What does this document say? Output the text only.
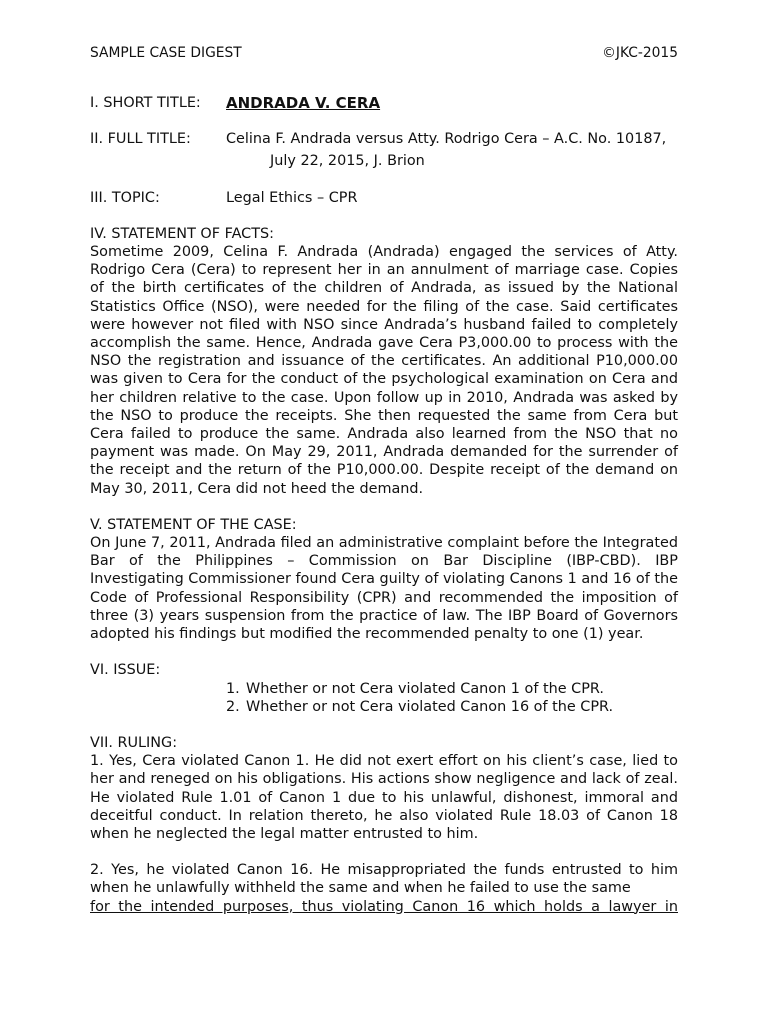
SAMPLE CASE DIGEST	©JKC-2015
I. SHORT TITLE:	ANDRADA V. CERA
II. FULL TITLE:	Celina F. Andrada versus Atty. Rodrigo Cera – A.C. No. 10187,
July 22, 2015, J. Brion
III. TOPIC:	Legal Ethics – CPR
IV. STATEMENT OF FACTS:

Sometime 2009, Celina F. Andrada (Andrada) engaged the services of Atty. Rodrigo Cera (Cera) to represent her in an annulment of marriage case. Copies of the birth certificates of the children of Andrada, as issued by the National Statistics Office (NSO), were needed for the filing of the case. Said certificates were however not filed with NSO since Andrada’s husband failed to completely accomplish the same. Hence, Andrada gave Cera P3,000.00 to process with the NSO the registration and issuance of the certificates. An additional P10,000.00 was given to Cera for the conduct of the psychological examination on Cera and her children relative to the case. Upon follow up in 2010, Andrada was asked by the NSO to produce the receipts. She then requested the same from Cera but Cera failed to produce the same. Andrada also learned from the NSO that no payment was made. On May 29, 2011, Andrada demanded for the surrender of the receipt and the return of the P10,000.00. Despite receipt of the demand on May 30, 2011, Cera did not heed the demand.

V. STATEMENT OF THE CASE:

On June 7, 2011, Andrada filed an administrative complaint before the Integrated Bar of the Philippines – Commission on Bar Discipline (IBP-CBD). IBP Investigating Commissioner found Cera guilty of violating Canons 1 and 16 of the Code of Professional Responsibility (CPR) and recommended the imposition of three (3) years suspension from the practice of law. The IBP Board of Governors adopted his findings but modified the recommended penalty to one (1) year.

VI. ISSUE:
1. Whether or not Cera violated Canon 1 of the CPR.
2. Whether or not Cera violated Canon 16 of the CPR.
VII. RULING:

1. Yes, Cera violated Canon 1. He did not exert effort on his client’s case, lied to her and reneged on his obligations. His actions show negligence and lack of zeal. He violated Rule 1.01 of Canon 1 due to his unlawful, dishonest, immoral and deceitful conduct. In relation thereto, he also violated Rule 18.03 of Canon 18 when he neglected the legal matter entrusted to him.

2. Yes, he violated Canon 16. He misappropriated the funds entrusted to him when he unlawfully withheld the same and when he failed to use the same

for the intended purposes, thus violating Canon 16 which holds a lawyer in
